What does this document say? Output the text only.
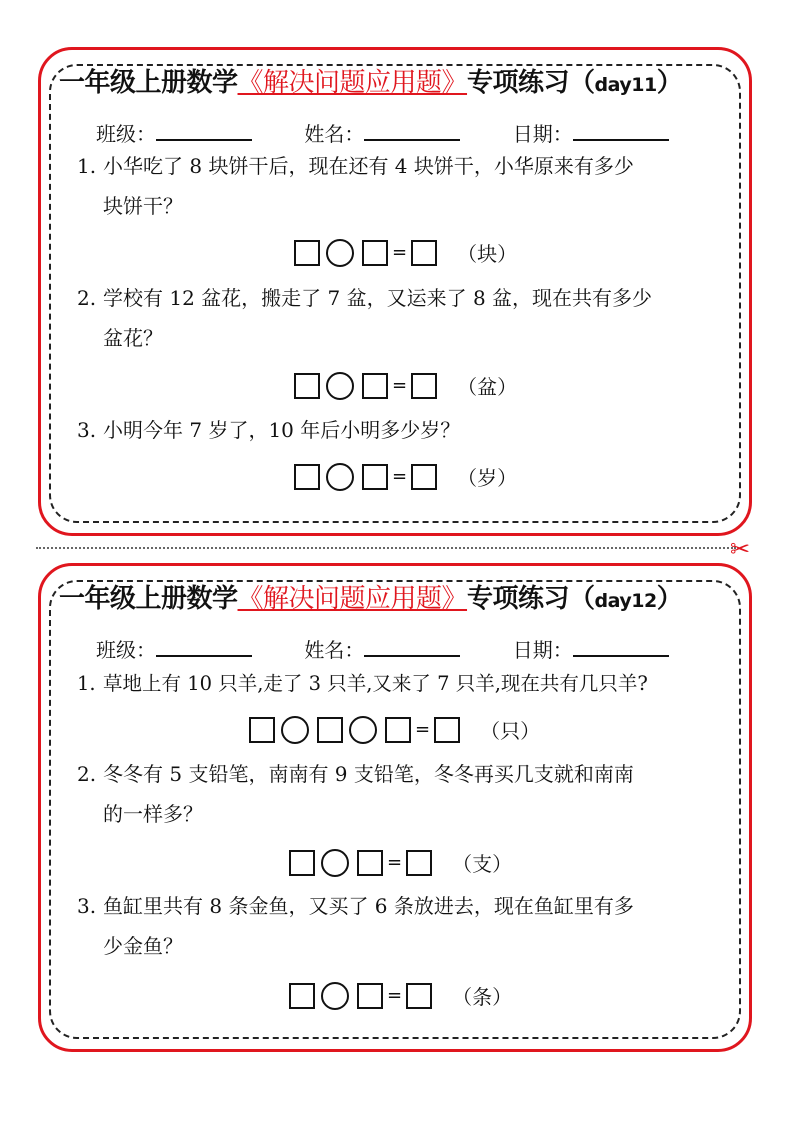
一年级上册数学《解决问题应用题》专项练习（day11）
班级：	姓名：	日期：
1. 小华吃了 8 块饼干后，现在还有 4 块饼干，小华原来有多少
块饼干？
=	（块）
2. 学校有 12 盆花，搬走了 7 盆，又运来了 8 盆，现在共有多少
盆花？
=	（盆）
3. 小明今年 7 岁了，10 年后小明多少岁？
=	（岁）
✂
一年级上册数学《解决问题应用题》专项练习（day12）
班级：	姓名：	日期：
1. 草地上有 10 只羊,走了 3 只羊,又来了 7 只羊,现在共有几只羊?
=	（只）
2. 冬冬有 5 支铅笔，南南有 9 支铅笔，冬冬再买几支就和南南
的一样多？
=	（支）
3. 鱼缸里共有 8 条金鱼，又买了 6 条放进去，现在鱼缸里有多
少金鱼？
=	（条）
